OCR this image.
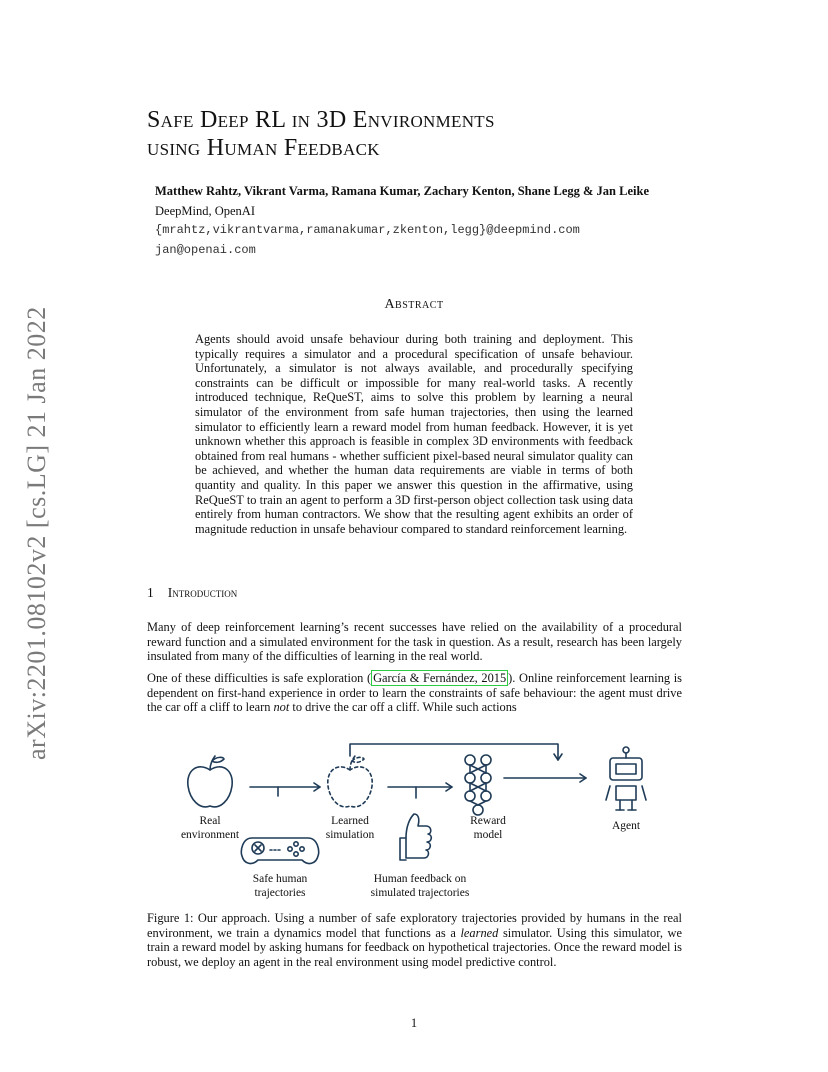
arXiv:2201.08102v2 [cs.LG] 21 Jan 2022
Safe Deep RL in 3D Environments
using Human Feedback
Matthew Rahtz, Vikrant Varma, Ramana Kumar, Zachary Kenton, Shane Legg & Jan Leike
DeepMind, OpenAI
{mrahtz,vikrantvarma,ramanakumar,zkenton,legg}@deepmind.com
jan@openai.com
Abstract
Agents should avoid unsafe behaviour during both training and deployment. This typically requires a simulator and a procedural specification of unsafe behaviour. Unfortunately, a simulator is not always available, and procedurally specifying constraints can be difficult or impossible for many real-world tasks. A recently introduced technique, ReQueST, aims to solve this problem by learning a neural simulator of the environment from safe human trajectories, then using the learned simulator to efficiently learn a reward model from human feedback. However, it is yet unknown whether this approach is feasible in complex 3D environments with feedback obtained from real humans - whether sufficient pixel-based neural simulator quality can be achieved, and whether the human data requirements are viable in terms of both quantity and quality. In this paper we answer this question in the affirmative, using ReQueST to train an agent to perform a 3D first-person object collection task using data entirely from human contractors. We show that the resulting agent exhibits an order of magnitude reduction in unsafe behaviour compared to standard reinforcement learning.
1 Introduction
Many of deep reinforcement learning’s recent successes have relied on the availability of a procedural reward function and a simulated environment for the task in question. As a result, research has been largely insulated from many of the difficulties of learning in the real world.
One of these difficulties is safe exploration ( García & Fernández, 2015 ). Online reinforcement learning is dependent on first-hand experience in order to learn the constraints of safe behaviour: the agent must drive the car off a cliff to learn not to drive the car off a cliff. While such actions
Real
environment
Learned
simulation
Reward
model
Agent
Safe human
trajectories
Human feedback on
simulated trajectories
Figure 1: Our approach. Using a number of safe exploratory trajectories provided by humans in the real environment, we train a dynamics model that functions as a learned simulator. Using this simulator, we train a reward model by asking humans for feedback on hypothetical trajectories. Once the reward model is robust, we deploy an agent in the real environment using model predictive control.
1
